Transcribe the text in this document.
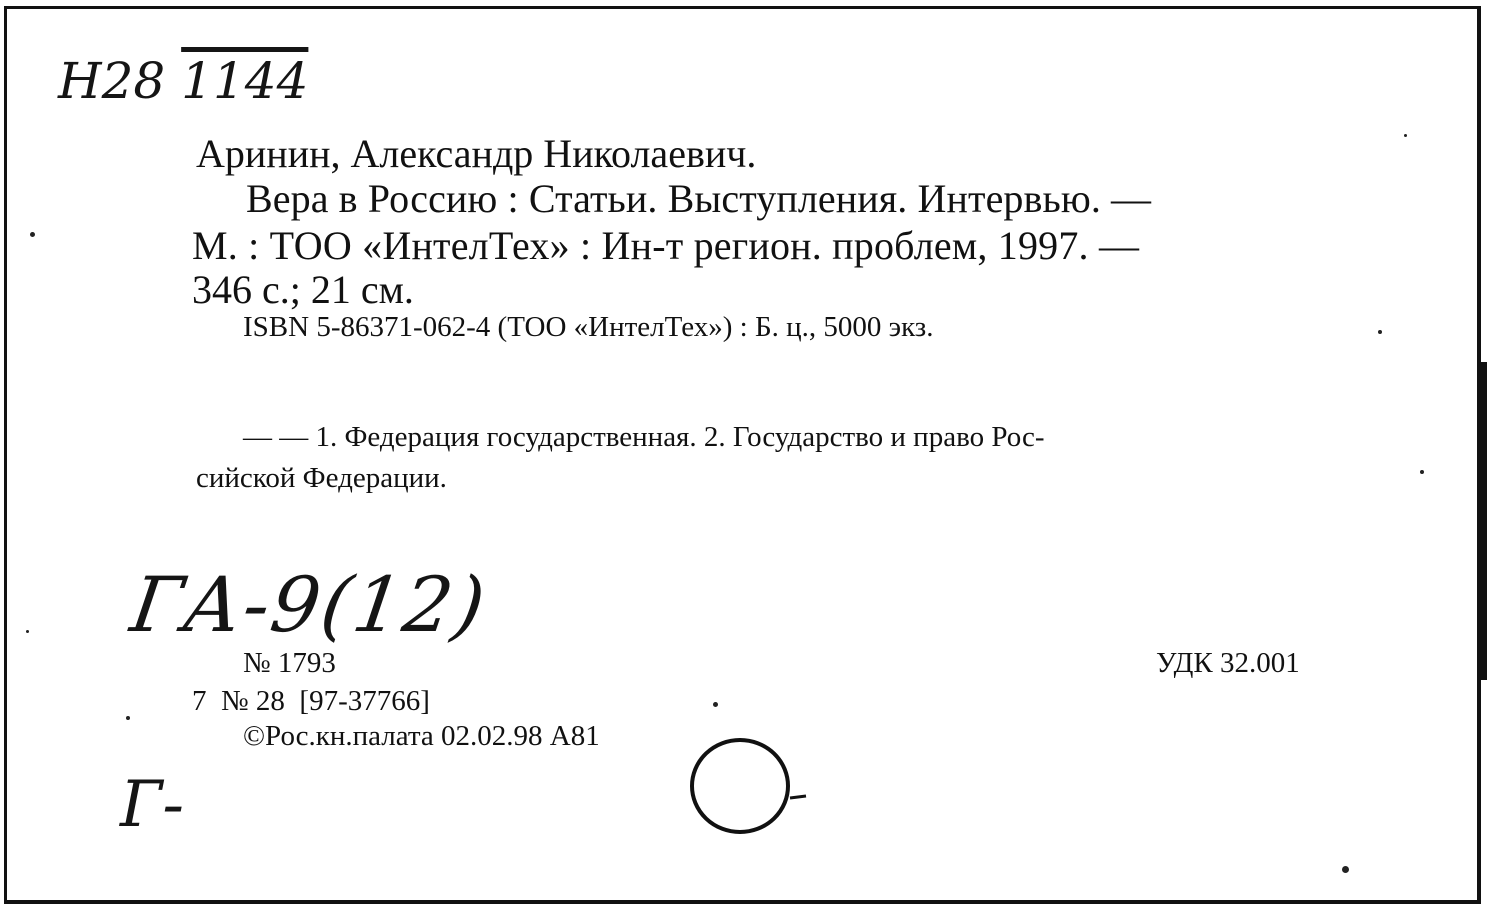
Н28 1144
Аринин, Александр Николаевич.
Вера в Россию : Статьи. Выступления. Интервью. —
М. : ТОО «ИнтелТех» : Ин-т регион. проблем, 1997. —
346 с.; 21 см.
ISBN 5-86371-062-4 (ТОО «ИнтелТех») : Б. ц., 5000 экз.
— — 1. Федерация государственная. 2. Государство и право Рос-
сийской Федерации.
ГА-9(12)
№ 1793	УДК 32.001
7  № 28  [97-37766]
©Рос.кн.палата 02.02.98 А81
Г-
